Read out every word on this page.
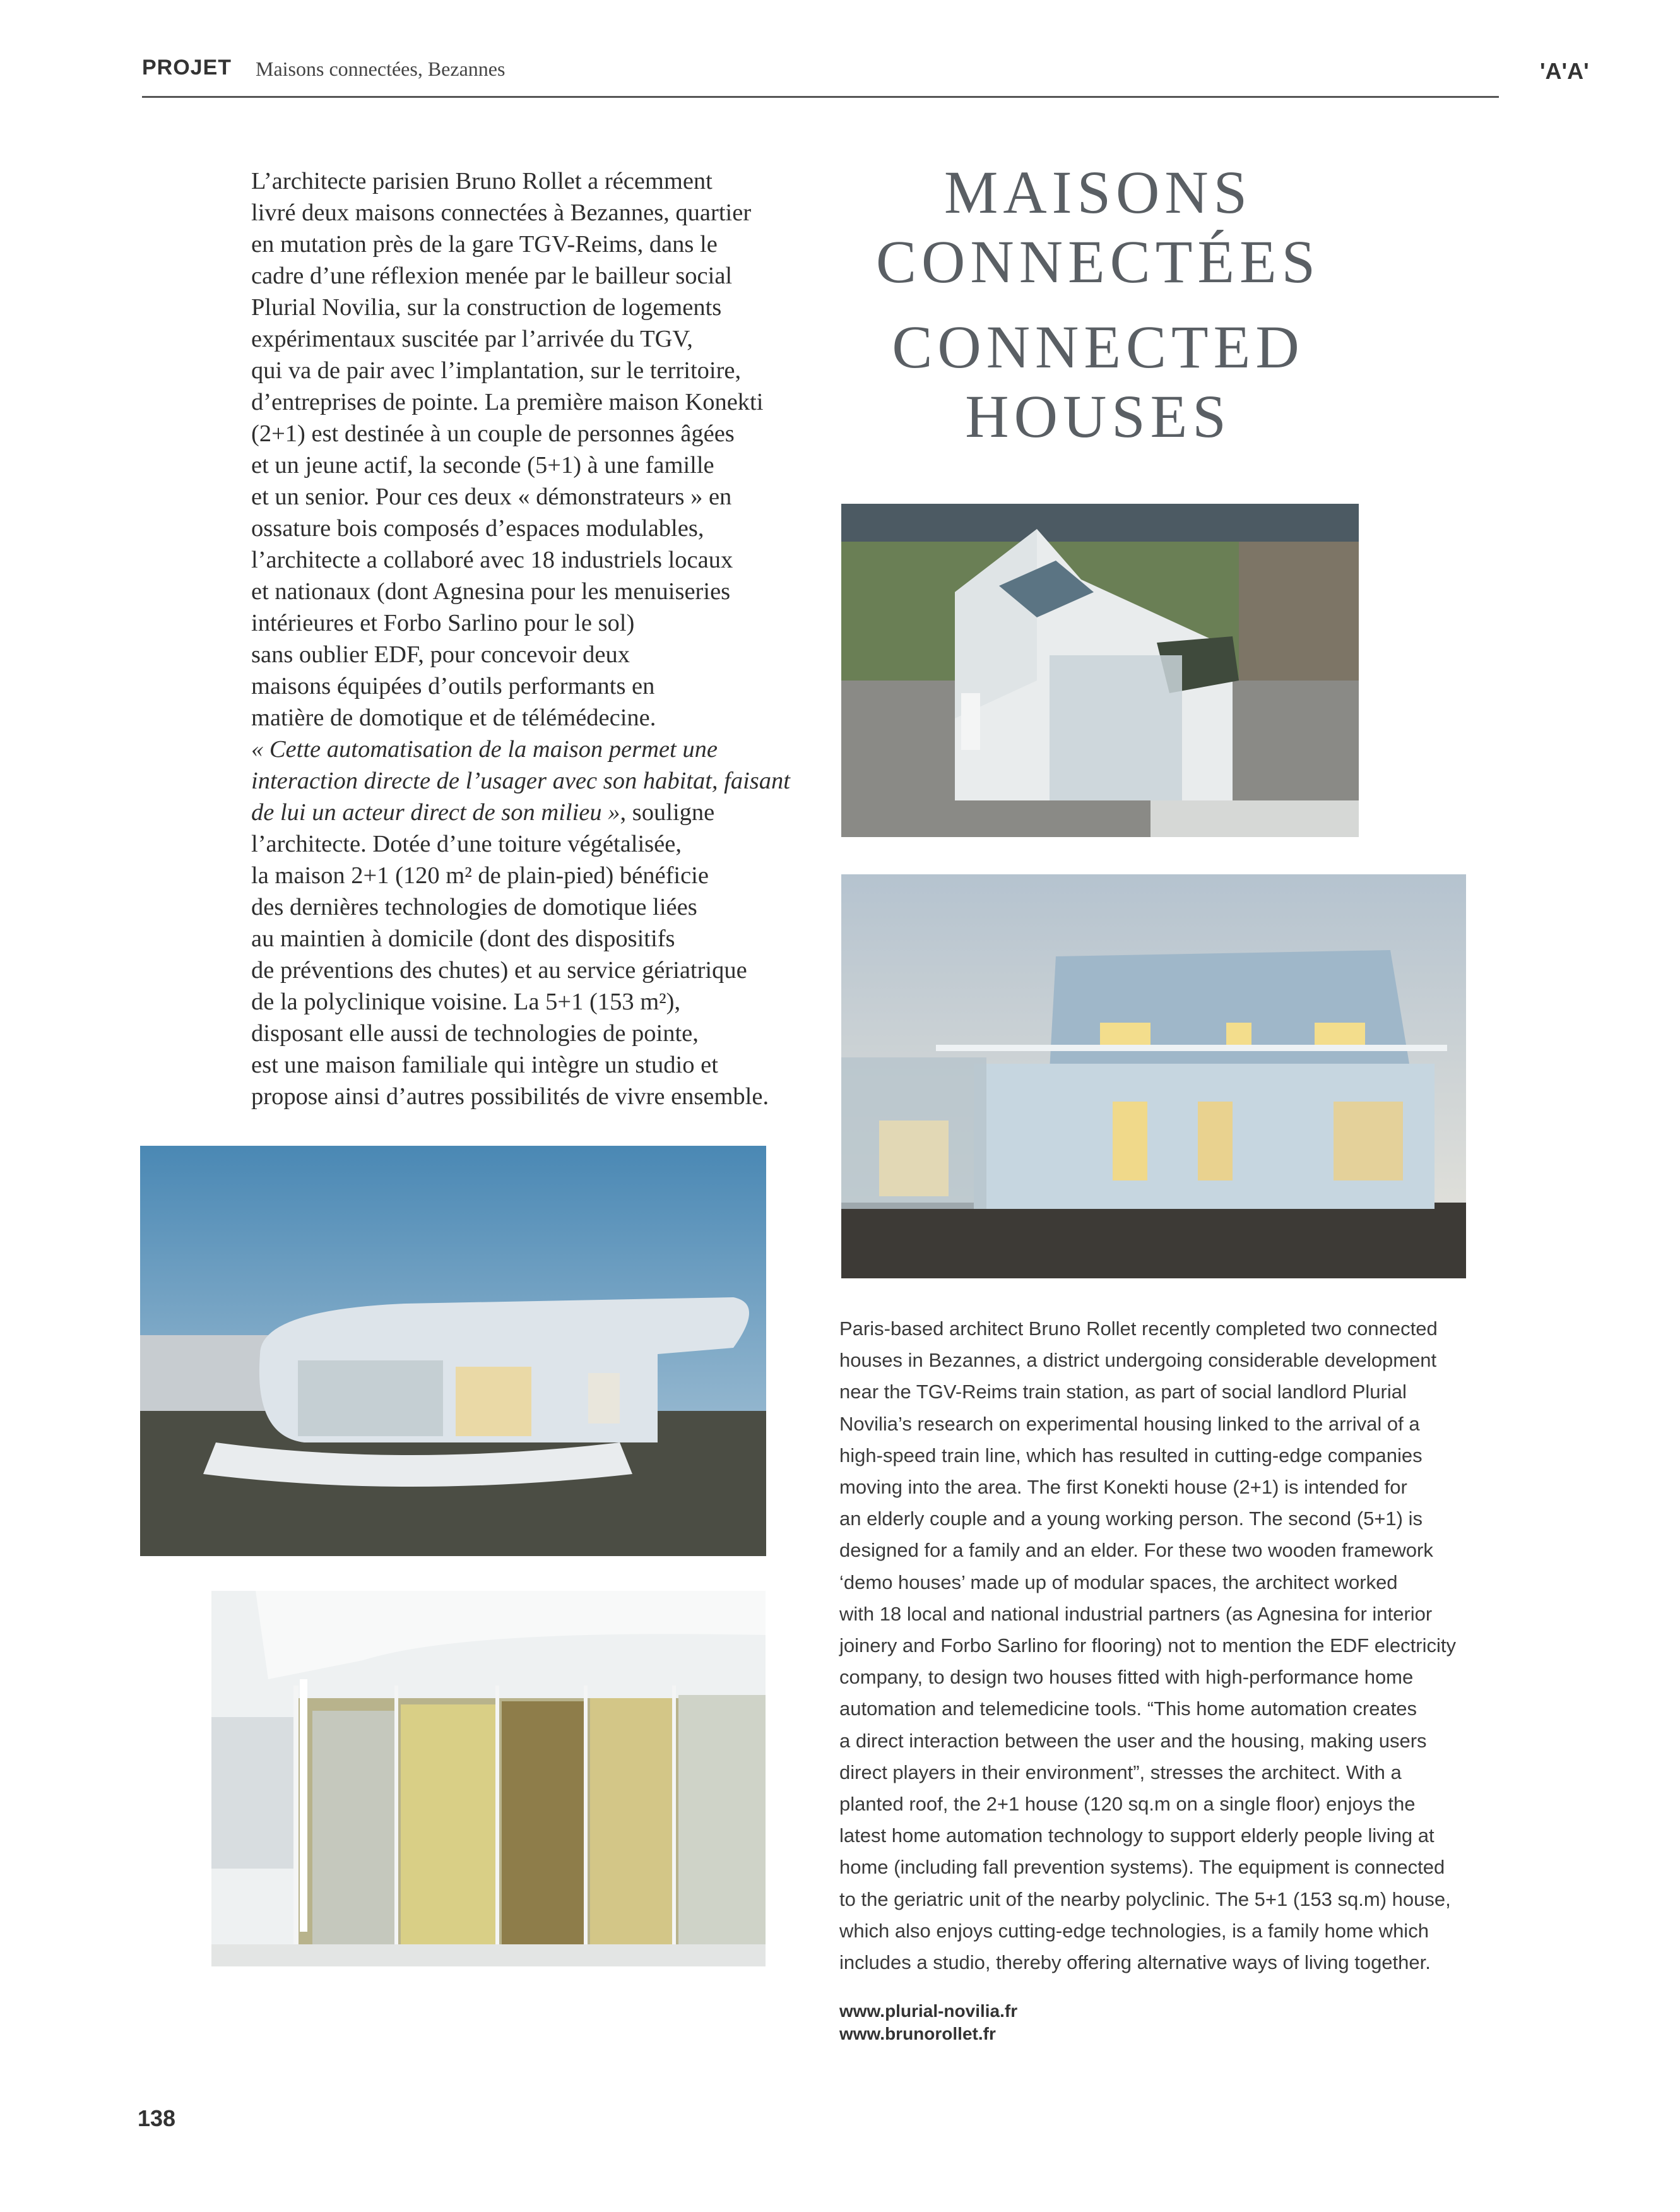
PROJET Maisons connectées, Bezannes	'A'A'
MAISONS
CONNECTÉES
CONNECTED
HOUSES

L’architecte parisien Bruno Rollet a récemment

livré deux maisons connectées à Bezannes, quartier

en mutation près de la gare TGV-Reims, dans le

cadre d’une réflexion menée par le bailleur social

Plurial Novilia, sur la construction de logements

expérimentaux suscitée par l’arrivée du TGV,

qui va de pair avec l’implantation, sur le territoire,

d’entreprises de pointe. La première maison Konekti

(2+1) est destinée à un couple de personnes âgées

et un jeune actif, la seconde (5+1) à une famille

et un senior. Pour ces deux « démonstrateurs » en

ossature bois composés d’espaces modulables,

l’architecte a collaboré avec 18 industriels locaux

et nationaux (dont Agnesina pour les menuiseries

intérieures et Forbo Sarlino pour le sol)

sans oublier EDF, pour concevoir deux

maisons équipées d’outils performants en

matière de domotique et de télémédecine.

« Cette automatisation de la maison permet une

interaction directe de l’usager avec son habitat, faisant

de lui un acteur direct de son milieu », souligne

l’architecte. Dotée d’une toiture végétalisée,

la maison 2+1 (120 m² de plain-pied) bénéficie

des dernières technologies de domotique liées

au maintien à domicile (dont des dispositifs

de préventions des chutes) et au service gériatrique

de la polyclinique voisine. La 5+1 (153 m²),

disposant elle aussi de technologies de pointe,

est une maison familiale qui intègre un studio et

propose ainsi d’autres possibilités de vivre ensemble.

Paris-based architect Bruno Rollet recently completed two connected

houses in Bezannes, a district undergoing considerable development

near the TGV-Reims train station, as part of social landlord Plurial

Novilia’s research on experimental housing linked to the arrival of a

high-speed train line, which has resulted in cutting-edge companies

moving into the area. The first Konekti house (2+1) is intended for

an elderly couple and a young working person. The second (5+1) is

designed for a family and an elder. For these two wooden framework

‘demo houses’ made up of modular spaces, the architect worked

with 18 local and national industrial partners (as Agnesina for interior

joinery and Forbo Sarlino for flooring) not to mention the EDF electricity

company, to design two houses fitted with high-performance home

automation and telemedicine tools. “This home automation creates

a direct interaction between the user and the housing, making users

direct players in their environment”, stresses the architect. With a

planted roof, the 2+1 house (120 sq.m on a single floor) enjoys the

latest home automation technology to support elderly people living at

home (including fall prevention systems). The equipment is connected

to the geriatric unit of the nearby polyclinic. The 5+1 (153 sq.m) house,

which also enjoys cutting-edge technologies, is a family home which

includes a studio, thereby offering alternative ways of living together.

www.plurial-novilia.fr
www.brunorollet.fr
138
